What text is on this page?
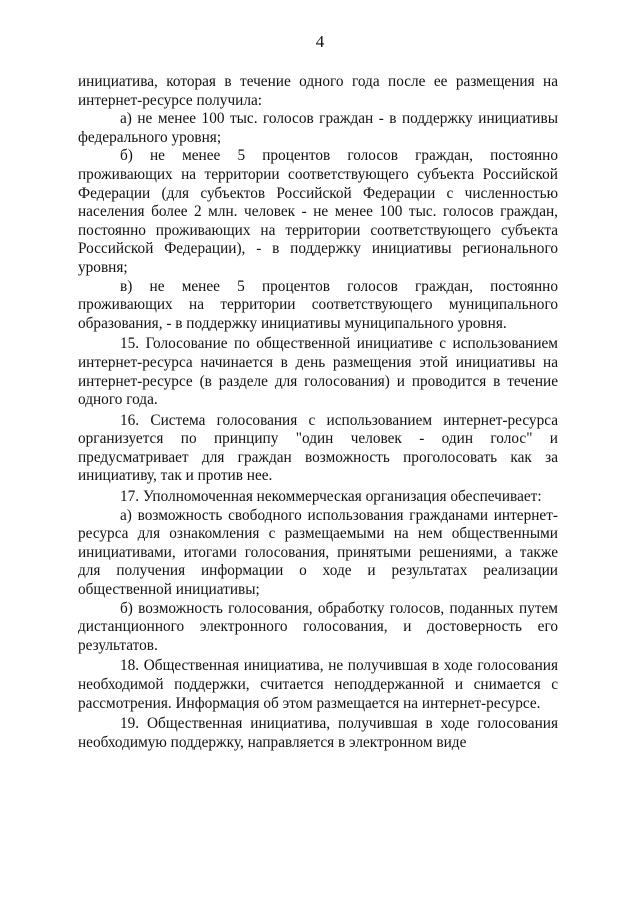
4

инициатива, которая в течение одного года после ее размещения на интернет-ресурсе получила:

а) не менее 100 тыс. голосов граждан - в поддержку инициативы федерального уровня;

б) не менее 5 процентов голосов граждан, постоянно проживающих на территории соответствующего субъекта Российской Федерации (для субъектов Российской Федерации с численностью населения более 2 млн. человек - не менее 100 тыс. голосов граждан, постоянно проживающих на территории соответствующего субъекта Российской Федерации), - в поддержку инициативы регионального уровня;

в) не менее 5 процентов голосов граждан, постоянно проживающих на территории соответствующего муниципального образования, - в поддержку инициативы муниципального уровня.

15. Голосование по общественной инициативе с использованием интернет-ресурса начинается в день размещения этой инициативы на интернет-ресурсе (в разделе для голосования) и проводится в течение одного года.

16. Система голосования с использованием интернет-ресурса организуется по принципу "один человек - один голос" и предусматривает для граждан возможность проголосовать как за инициативу, так и против нее.

17. Уполномоченная некоммерческая организация обеспечивает:

а) возможность свободного использования гражданами интернет-ресурса для ознакомления с размещаемыми на нем общественными инициативами, итогами голосования, принятыми решениями, а также для получения информации о ходе и результатах реализации общественной инициативы;

б) возможность голосования, обработку голосов, поданных путем дистанционного электронного голосования, и достоверность его результатов.

18. Общественная инициатива, не получившая в ходе голосования необходимой поддержки, считается неподдержанной и снимается с рассмотрения. Информация об этом размещается на интернет-ресурсе.

19. Общественная инициатива, получившая в ходе голосования необходимую поддержку, направляется в электронном виде
